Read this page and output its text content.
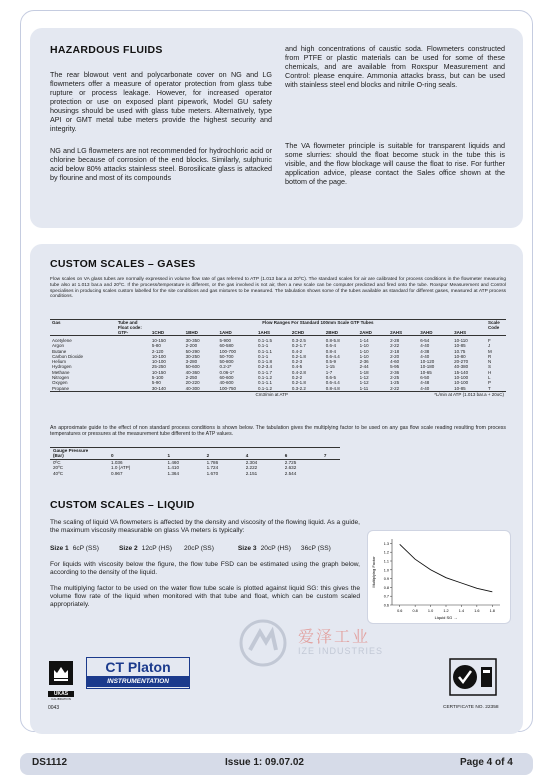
HAZARDOUS FLUIDS
The rear blowout vent and polycarbonate cover on NG and LG flowmeters offer a measure of operator protection from glass tube rupture or process leakage. However, for increased operator protection or use on exposed plant pipework, Model GU safety housings should be used with glass tube meters. Alternatively, type API or GMT metal tube meters provide the highest security and integrity.
NG and LG flowmeters are not recommended for hydrochloric acid or chlorine because of corrosion of the end blocks. Similarly, sulphuric acid below 80% attacks stainless steel. Borosilicate glass is attacked by flourine and most of its compounds
and high concentrations of caustic soda. Flowmeters constructed from PTFE or plastic materials can be used for some of these chemicals, and are available from Roxspur Measurement and Control: please enquire. Ammonia attacks brass, but can be used with stainless steel end blocks and nitrile O-ring seals.
The VA flowmeter principle is suitable for transparent liquids and some slurries: should the float become stuck in the tube this is visible, and the flow blockage will cause the float to rise. For further application advice, please contact the Sales office shown at the bottom of the page.
CUSTOM SCALES – GASES
Flow scales on VA glass tubes are normally expressed in volume flow rate of gas referred to ATP (1.013 bar.a at 20ºC). The standard scales for air are calibrated for process conditions in the flowmeter measuring tube also at 1.013 bar.a and 20ºC. If the process/temperature is different, or the gas involved is not air, then a new scale can be computer predicted and fired onto the tube. Roxspur Measurement and Control specialises in producing scales custom labelled for the site conditions and gas mixtures to be measured. The tabulation shows some of the tubes available as standard for different gases, measured at ATP process conditions.
Gas	Tube and Float code:	Flow Ranges For Standard 100mm Scale GTF Tubes										Scale Code
	GTF-	1CHD	1BHD	1AHD	1AHS	2CHD	2BHD	2AHD	2AHS	3AHD	3AHS	
Acetylene		10-150	30-350	5-900	0.1-1.5	0.3-2.5	0.8-5.8	1-14	2-28	6-54	10-110	F
Argon		5-80	2-200	60-580	0.1-1	0.2-1.7	0.6-4	1-10	2-22	4-40	10-85	J
Butane		2-120	50-290	100-700	0.1-1.1	0.4-2	0.8-4	1-10	2-18	4-38	10.75	M
Carbon Dioxide		10-100	30-250	50-700	0.1-1	0.2-1.8	0.6-4.4	1-10	2-20	4-40	10-80	R
Helium		10-100	3-280	50-800	0.1-1.8	0.2-3	0.5-9	2-36	4-60	10-120	20-270	N
Hydrogen		25-250	50-600	0.2-2*	0.2-3.4	0.4-5	1-15	2-44	5-95	10-180	40-380	S
Methane		10-150	40-360	0.06-1*	0.1-1.7	0.4-2.8	1-7	1-18	2-36	10-65	15-140	H
Nitrogen		5-100	2-250	60-600	0.1-1.2	0.2-2	0.6-5	1-12	2-25	6-50	10-100	L
Oxygen		5-90	20-220	40-600	0.1-1.1	0.2-1.8	0.6-4.4	1-12	1-25	4-48	10-100	P
Propane		30-140	40-300	100-750	0.1-1.2	0.3-2.2	0.8-4.8	1-11	2-22	4-40	10-85	T
		Cm3/min at ATP				*L/min at ATP (1.013 bar.a + 20oC)						
An approximate guide to the effect of non standard process conditions is shown below. The tabulation gives the multiplying factor to be used on any gas flow scale reading resulting from process temperatures or pressures at the measurement tube different to the ATP values.
Gauge Pressure
(Bar)	0	1	2	4	6	7
0ºC	1.036	1.460	1.786	2.304	2.725	
20ºC	1.0 (ATP)	1.410	1.724	2.222	2.632	
40ºC	0.967	1.364	1.670	2.151	2.544	
CUSTOM SCALES – LIQUID
The scaling of liquid VA flowmeters is affected by the density and viscosity of the flowing liquid. As a guide, the maximum viscosity measurable on glass VA meters is typically:
Size 1 6cP (SS)	Size 2 12cP (HS) 20cP (SS)	Size 3 20cP (HS) 36cP (SS)
For liquids with viscosity below the figure, the flow tube FSD can be estimated using the graph below, according to the density of the liquid.
The multiplying factor to be used on the water flow tube scale is plotted against liquid SG: this gives the volume flow rate of the liquid when monitored with that tube and float, which can be custom scaled appropriately.
1.3
1.2
1.1
1.0
0.9
0.8
0.7
0.6
0.6	0.8	1.0	1.2	1.4	1.6	1.8
Liquid SG →
Multiplying Factor
UKAS
CALIBRATION
0043
CT Platon
INSTRUMENTATION
爱泽工业
IZE INDUSTRIES
CERTIFICATE NO. 22358
DS1112	Issue 1: 09.07.02	Page 4 of 4
